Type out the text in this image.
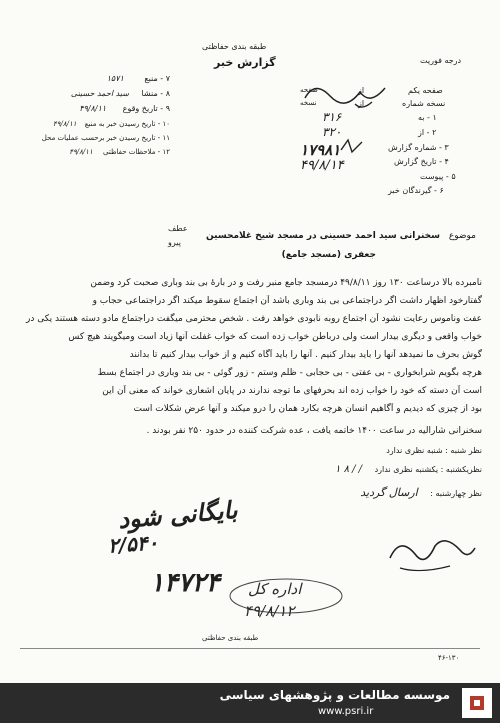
طبقه بندی حفاظتی
گزارش خبر	درجه فوریت
۷ - منبع ۱۵۷۱
۸ - منشا سید احمد حسینی
۹ - تاریخ وقوع ۴۹/۸/۱۱
۱۰ - تاریخ رسیدن خبر به منبع ۴۹/۸/۱۱
۱۱ - تاریخ رسیدن خبر برحسب عملیات محل
۱۲ - ملاحظات حفاظتی ۴۹/۸/۱۱
صفحه یکم
نسخه شماره
۱ - به
۲ - از
۳ - شماره گزارش
۴ - تاریخ گزارش
۵ - پیوست
۶ - گیرندگان خبر
صفحه
نسخه
از
از
۳۱۶
۳۲۰
۱۷۹۸۱
۴۹/۸/۱۴
عطف
پیرو
موضوع سخنرانی سید احمد حسینی در مسجد شیخ غلامحسین
جعفری (مسجد جامع)
نامبرده بالا درساعت ۱۳۰ روز ۴۹/۸/۱۱ درمسجد جامع منبر رفت و در بارهٔ بی بند وباری صحبت کرد وضمن
گفتارخود اظهار داشت اگر دراجتماعی بی بند وباری باشد آن اجتماع سقوط میکند اگر دراجتماعی حجاب و
عفت وناموس رعایت نشود آن اجتماع روبه نابودی خواهد رفت . شخص محترمی میگفت دراجتماع مادو دسته هستند یکی در
خواب واقعی و دیگری بیدار است ولی درباطن خواب زده است که خواب غفلت آنها زیاد است ومیگویند هیچ کس
گوش بحرف ما نمیدهد آنها را باید بیدار کنیم . آنها را باید آگاه کنیم و از خواب بیدار کنیم تا بدانند
هرچه بگویم شرابخواری - بی عفتی - بی حجابی - ظلم وستم - زور گوئی - بی بند وباری در اجتماع بسط
است آن دسته که خود را خواب زده اند بحرفهای ما توجه ندارند در پایان اشعاری خواند که معنی آن این
بود از چیزی که دیدیم و آگاهیم انسان هرچه بکارد همان را درو میکند و آنها عرض شکلات است
سخنرانی شارالیه در ساعت ۱۴۰۰ خاتمه یافت ، عده شرکت کننده در حدود ۲۵۰ نفر بودند .
نظر شنبه : شنبه نظری ندارد
نظریکشنبه : یکشنبه نظری ندارد / / ۸ ۱
نظر چهارشنبه : ارسال گردید
بایگانی شود
۲/۵۴۰
۱۴۷۲۴ اداره کل
۴۹/۸/۱۲
طبقه بندی حفاظتی
۴۶-۱۳۰
موسسه مطالعات و پژوهشهای سیاسی
www.psri.ir
